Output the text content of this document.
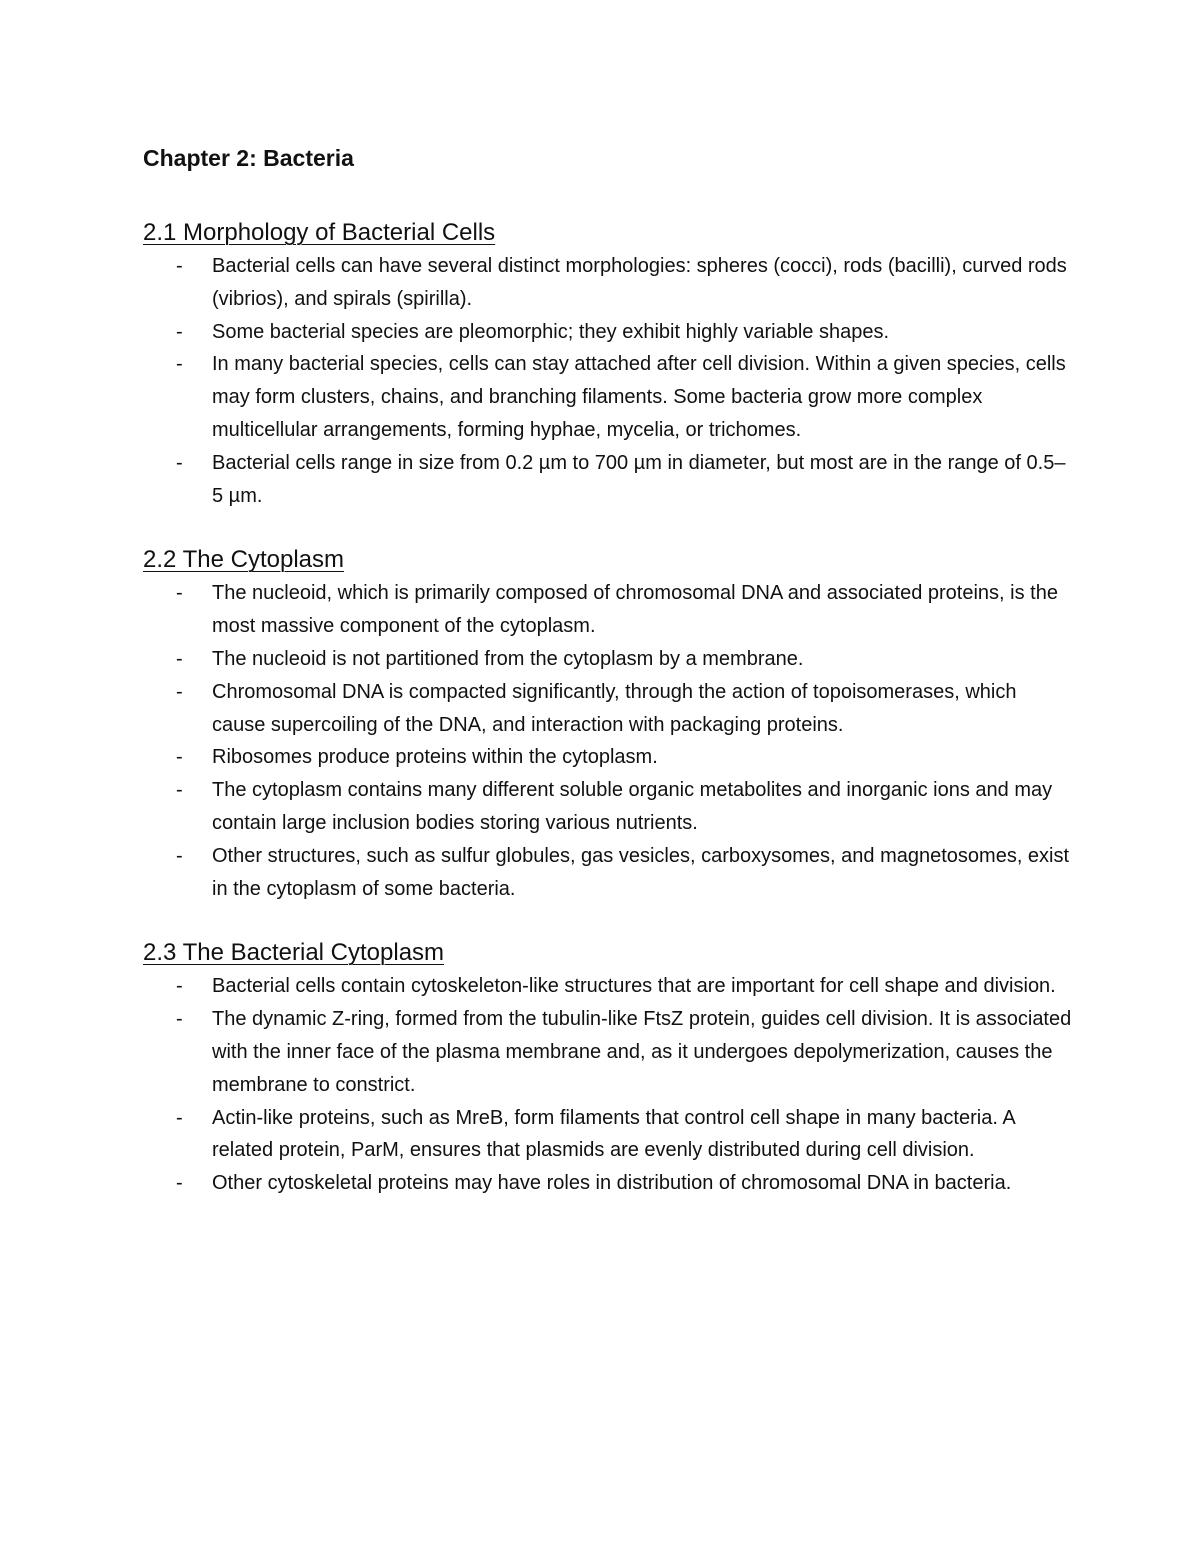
Chapter 2: Bacteria
2.1 Morphology of Bacterial Cells
- Bacterial cells can have several distinct morphologies: spheres (cocci), rods (bacilli), curved rods (vibrios), and spirals (spirilla).
- Some bacterial species are pleomorphic; they exhibit highly variable shapes.
- In many bacterial species, cells can stay attached after cell division. Within a given species, cells may form clusters, chains, and branching filaments. Some bacteria grow more complex multicellular arrangements, forming hyphae, mycelia, or trichomes.
- Bacterial cells range in size from 0.2 µm to 700 µm in diameter, but most are in the range of 0.5–5 µm.
2.2 The Cytoplasm
- The nucleoid, which is primarily composed of chromosomal DNA and associated proteins, is the most massive component of the cytoplasm.
- The nucleoid is not partitioned from the cytoplasm by a membrane.
- Chromosomal DNA is compacted significantly, through the action of topoisomerases, which cause supercoiling of the DNA, and interaction with packaging proteins.
- Ribosomes produce proteins within the cytoplasm.
- The cytoplasm contains many different soluble organic metabolites and inorganic ions and may contain large inclusion bodies storing various nutrients.
- Other structures, such as sulfur globules, gas vesicles, carboxysomes, and magnetosomes, exist in the cytoplasm of some bacteria.
2.3 The Bacterial Cytoplasm
- Bacterial cells contain cytoskeleton-like structures that are important for cell shape and division.
- The dynamic Z-ring, formed from the tubulin-like FtsZ protein, guides cell division. It is associated with the inner face of the plasma membrane and, as it undergoes depolymerization, causes the membrane to constrict.
- Actin-like proteins, such as MreB, form filaments that control cell shape in many bacteria. A related protein, ParM, ensures that plasmids are evenly distributed during cell division.
- Other cytoskeletal proteins may have roles in distribution of chromosomal DNA in bacteria.
